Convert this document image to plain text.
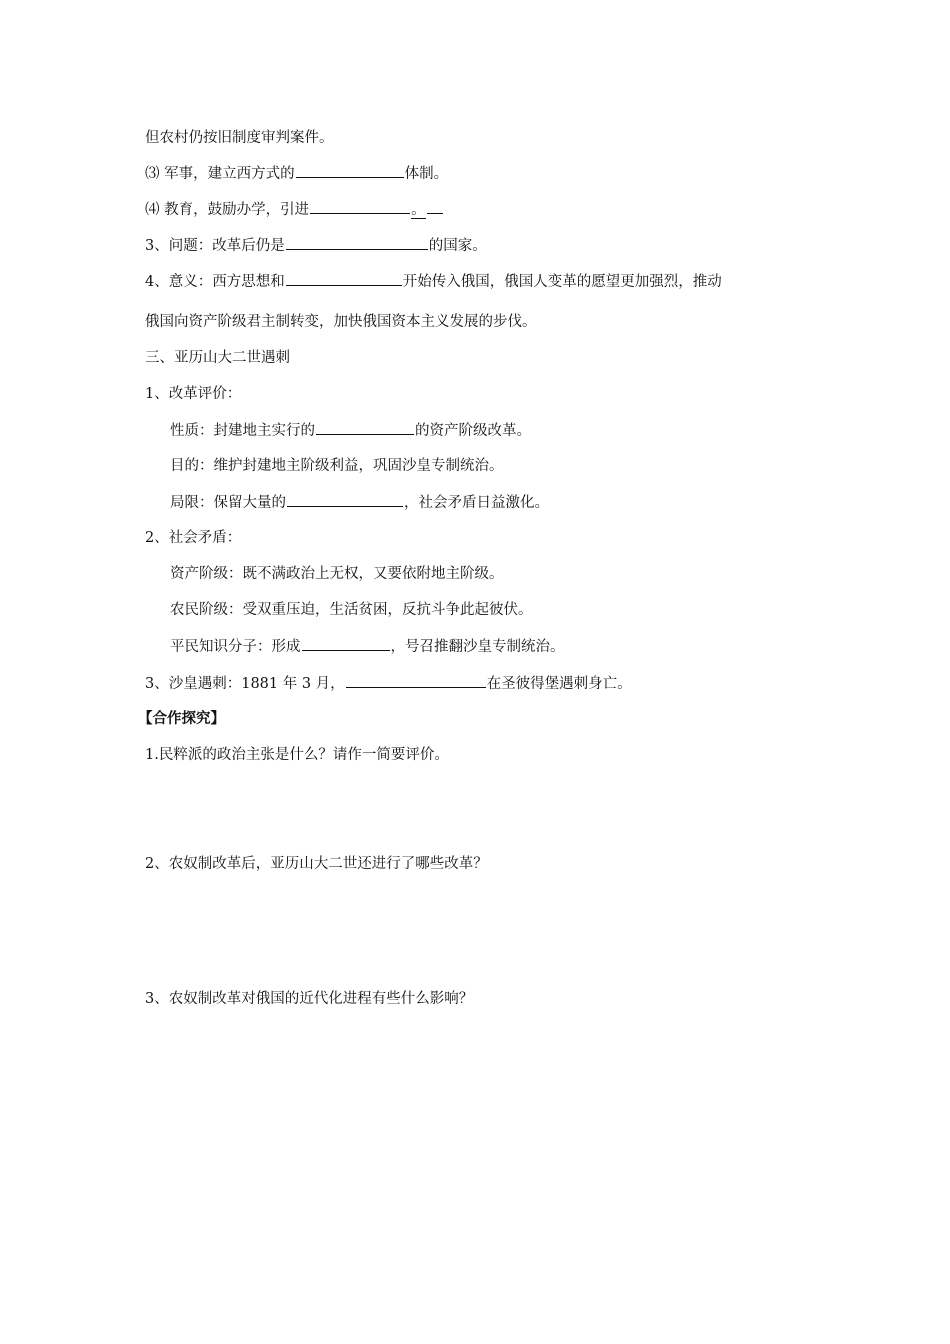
但农村仍按旧制度审判案件。
⑶ 军事，建立西方式的	体制。
⑷ 教育，鼓励办学，引进	。
3、问题：改革后仍是	的国家。
4、意义：西方思想和	开始传入俄国，俄国人变革的愿望更加强烈，推动
俄国向资产阶级君主制转变，加快俄国资本主义发展的步伐。
三、亚历山大二世遇刺
1、改革评价：
性质：封建地主实行的	的资产阶级改革。
目的：维护封建地主阶级利益，巩固沙皇专制统治。
局限：保留大量的	，社会矛盾日益激化。
2、社会矛盾：
资产阶级：既不满政治上无权，又要依附地主阶级。
农民阶级：受双重压迫，生活贫困，反抗斗争此起彼伏。
平民知识分子：形成	，号召推翻沙皇专制统治。
3、沙皇遇刺：1881 年 3 月，	在圣彼得堡遇刺身亡。
【合作探究】
1.民粹派的政治主张是什么？请作一简要评价。
2、农奴制改革后，亚历山大二世还进行了哪些改革？
3、农奴制改革对俄国的近代化进程有些什么影响？
